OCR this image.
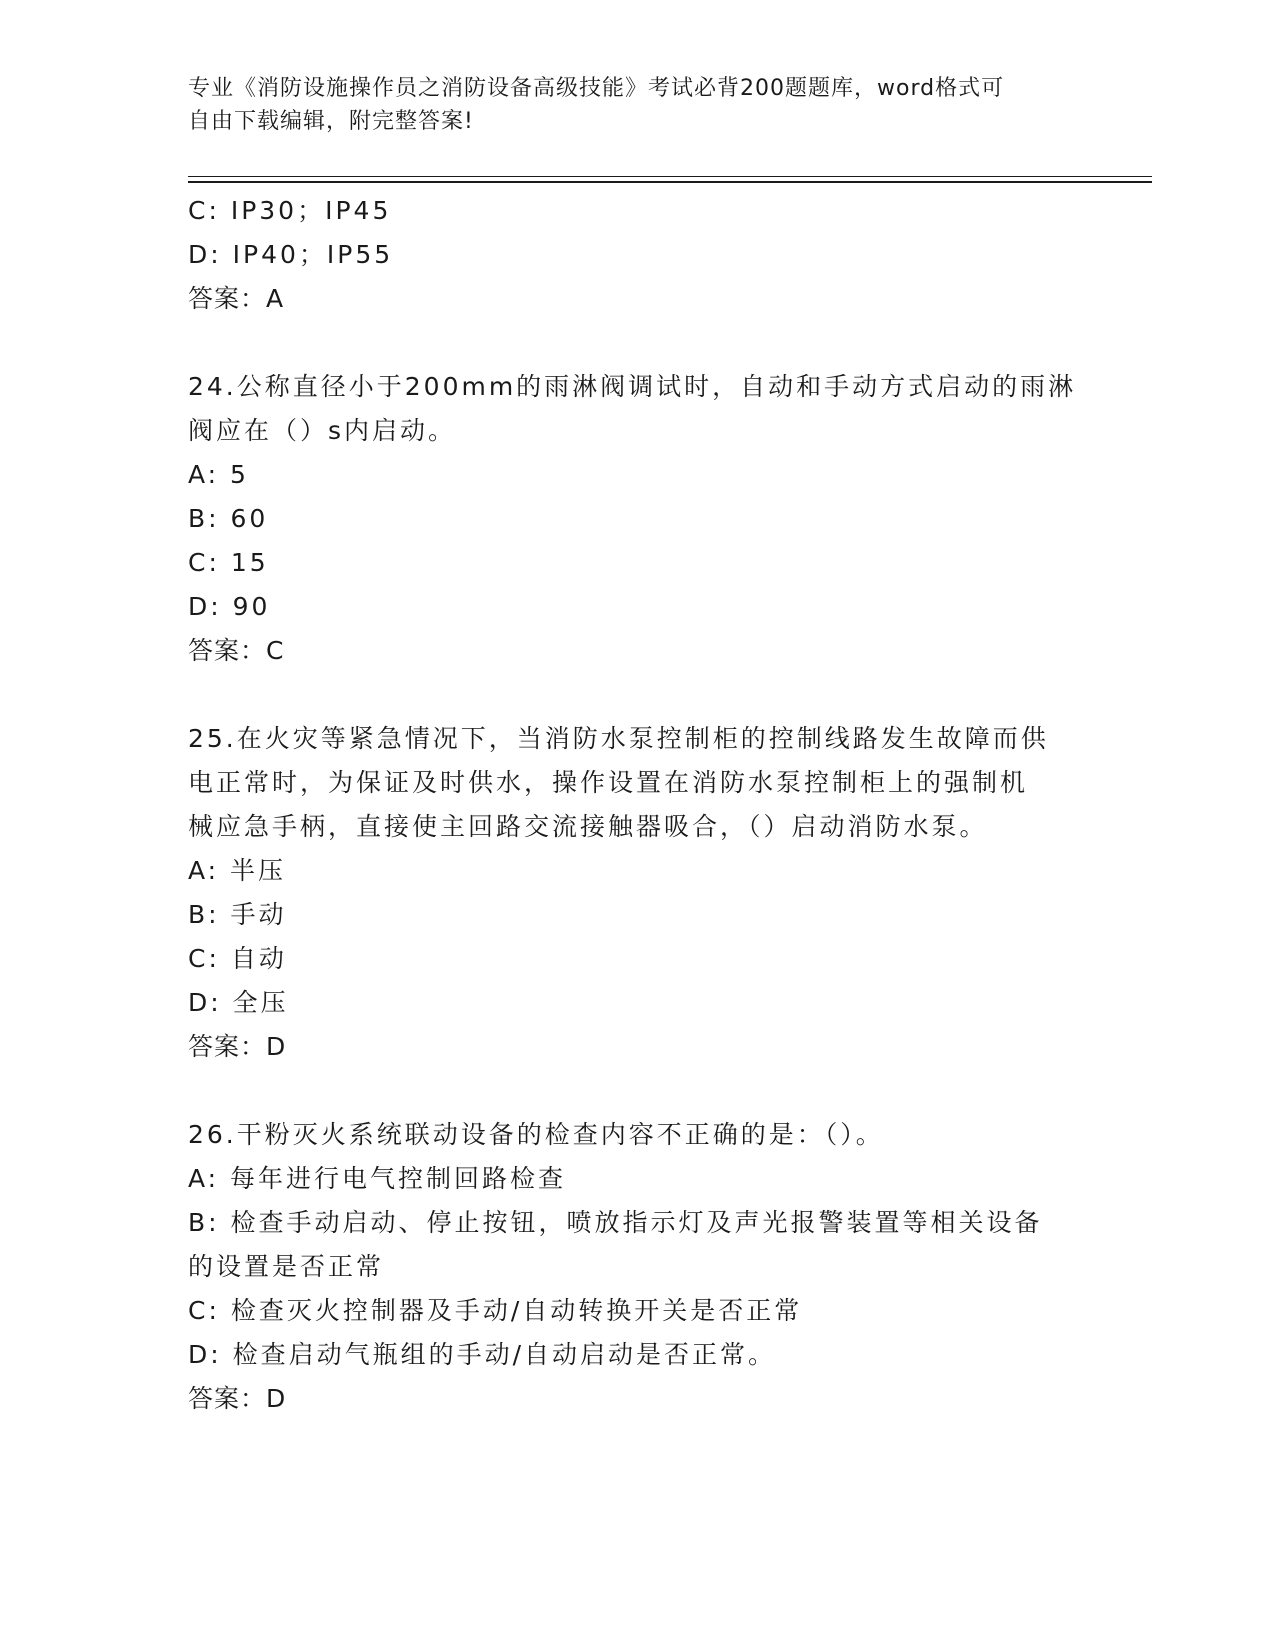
专业《消防设施操作员之消防设备高级技能》考试必背200题题库，word格式可
自由下载编辑，附完整答案!
C: IP30；IP45
D: IP40；IP55
答案：A
24.公称直径小于200mm的雨淋阀调试时，自动和手动方式启动的雨淋
阀应在（）s内启动。
A: 5
B: 60
C: 15
D: 90
答案：C
25.在火灾等紧急情况下，当消防水泵控制柜的控制线路发生故障而供
电正常时，为保证及时供水，操作设置在消防水泵控制柜上的强制机
械应急手柄，直接使主回路交流接触器吸合，（）启动消防水泵。
A: 半压
B: 手动
C: 自动
D: 全压
答案：D
26.干粉灭火系统联动设备的检查内容不正确的是：（）。
A: 每年进行电气控制回路检查
B: 检查手动启动、停止按钮，喷放指示灯及声光报警装置等相关设备
的设置是否正常
C: 检查灭火控制器及手动/自动转换开关是否正常
D: 检查启动气瓶组的手动/自动启动是否正常。
答案：D
